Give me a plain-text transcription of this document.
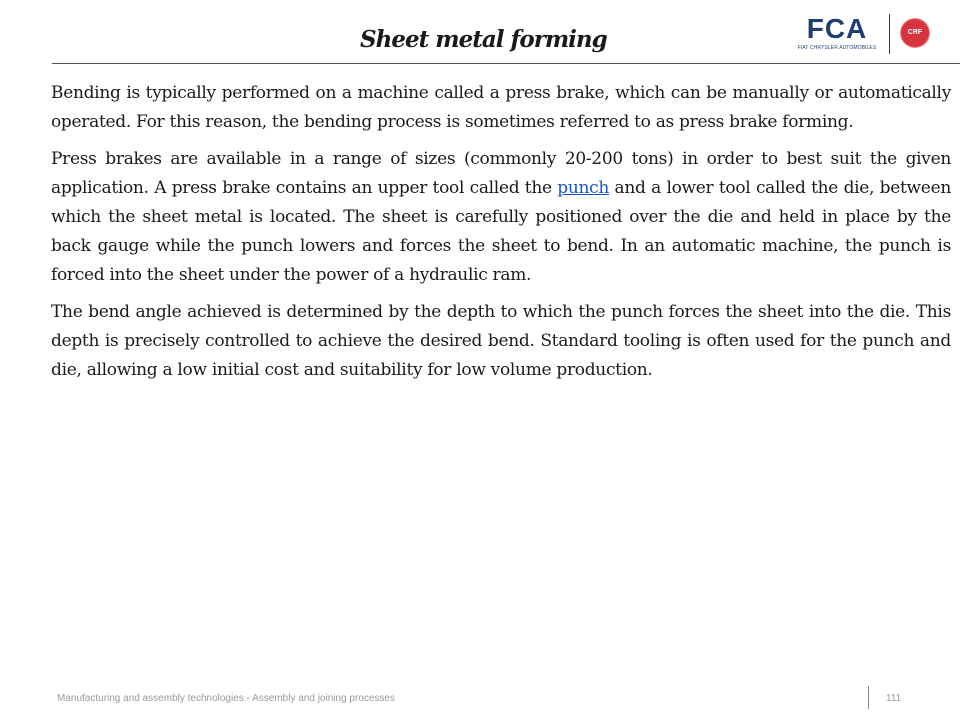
Sheet metal forming	FCA
FIAT CHRYSLER AUTOMOBILES
CRF

Bending is typically performed on a machine called a press brake, which can be manually or automatically operated. For this reason, the bending process is sometimes referred to as press brake forming.

Press brakes are available in a range of sizes (commonly 20-200 tons) in order to best suit the given application. A press brake contains an upper tool called the punch and a lower tool called the die, between which the sheet metal is located. The sheet is carefully positioned over the die and held in place by the back gauge while the punch lowers and forces the sheet to bend. In an automatic machine, the punch is forced into the sheet under the power of a hydraulic ram.

The bend angle achieved is determined by the depth to which the punch forces the sheet into the die. This depth is precisely controlled to achieve the desired bend. Standard tooling is often used for the punch and die, allowing a low initial cost and suitability for low volume production.

Manufacturing and assembly technologies - Assembly and joining processes	111
